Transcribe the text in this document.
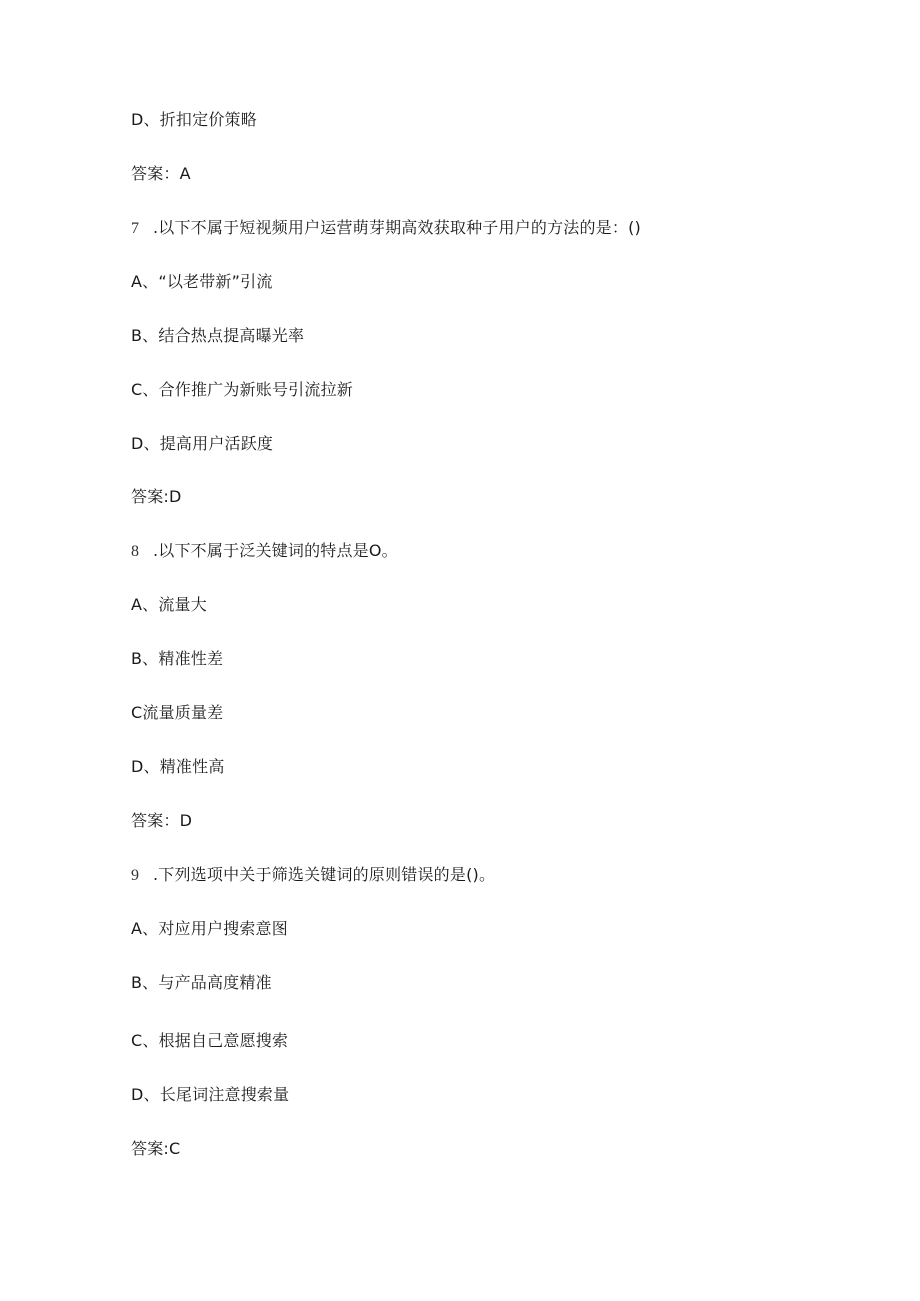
D、折扣定价策略
答案：A
7 .以下不属于短视频用户运营萌芽期高效获取种子用户的方法的是：()
A、“以老带新”引流
B、结合热点提高曝光率
C、合作推广为新账号引流拉新
D、提高用户活跃度
答案:D
8 .以下不属于泛关键词的特点是O。
A、流量大
B、精准性差
C流量质量差
D、精准性高
答案：D
9 .下列选项中关于筛选关键词的原则错误的是()。
A、对应用户搜索意图
B、与产品高度精准
C、根据自己意愿搜索
D、长尾词注意搜索量
答案:C
